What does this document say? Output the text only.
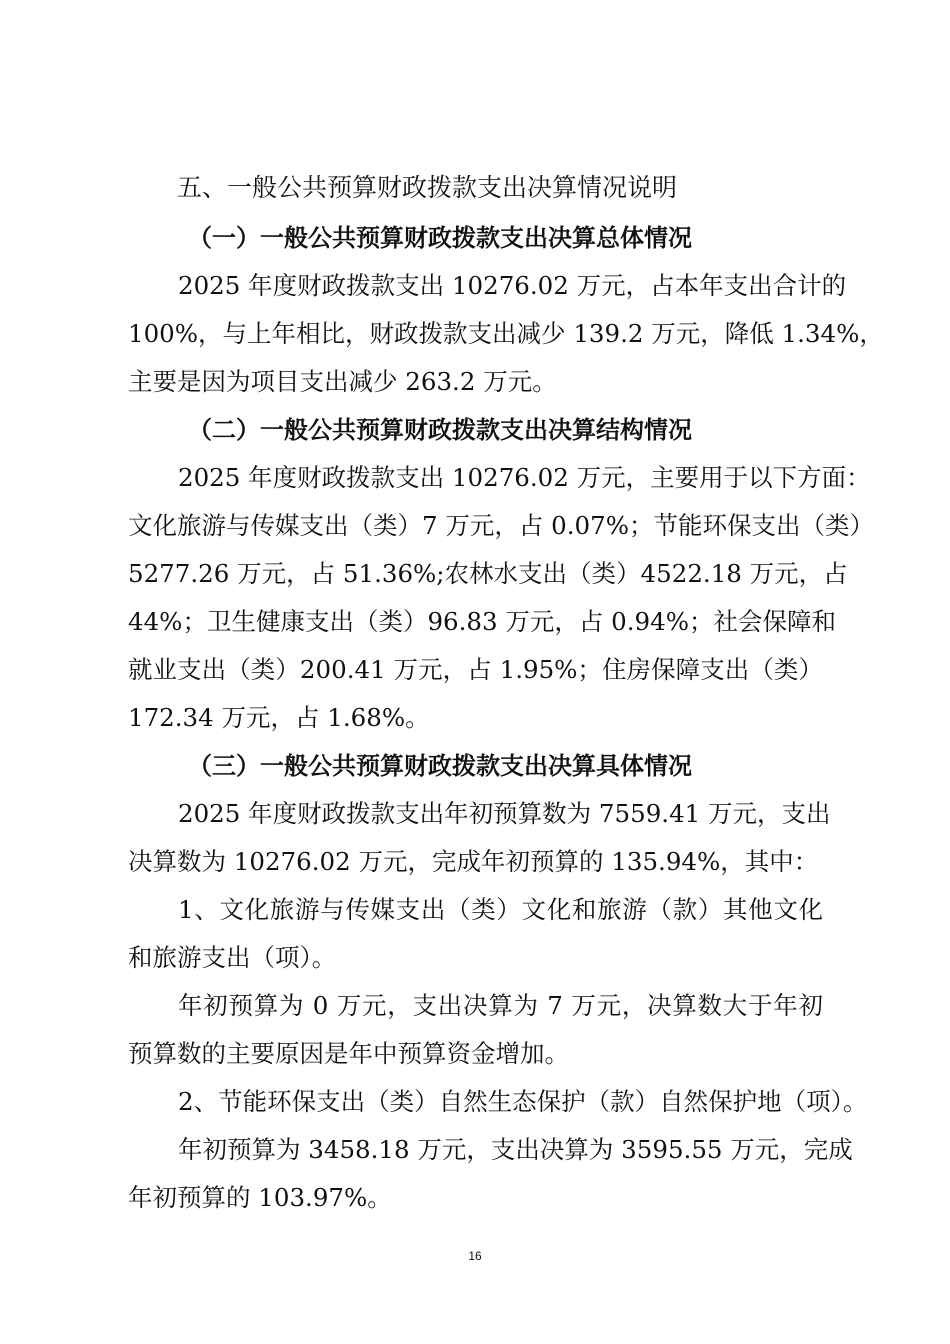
五、一般公共预算财政拨款支出决算情况说明

（一）一般公共预算财政拨款支出决算总体情况

2025 年度财政拨款支出 10276.02 万元，占本年支出合计的

100%，与上年相比，财政拨款支出减少 139.2 万元，降低 1.34%，

主要是因为项目支出减少 263.2 万元。

（二）一般公共预算财政拨款支出决算结构情况

2025 年度财政拨款支出 10276.02 万元，主要用于以下方面：

文化旅游与传媒支出（类）7 万元，占 0.07%；节能环保支出（类）

5277.26 万元，占 51.36%;农林水支出（类）4522.18 万元，占

44%；卫生健康支出（类）96.83 万元，占 0.94%；社会保障和

就业支出（类）200.41 万元，占 1.95%；住房保障支出（类）

172.34 万元，占 1.68%。

（三）一般公共预算财政拨款支出决算具体情况

2025 年度财政拨款支出年初预算数为 7559.41 万元，支出

决算数为 10276.02 万元，完成年初预算的 135.94%，其中：

1、文化旅游与传媒支出（类）文化和旅游（款）其他文化

和旅游支出（项）。

年初预算为 0 万元，支出决算为 7 万元，决算数大于年初

预算数的主要原因是年中预算资金增加。

2、节能环保支出（类）自然生态保护（款）自然保护地（项）。

年初预算为 3458.18 万元，支出决算为 3595.55 万元，完成

年初预算的 103.97%。

16
